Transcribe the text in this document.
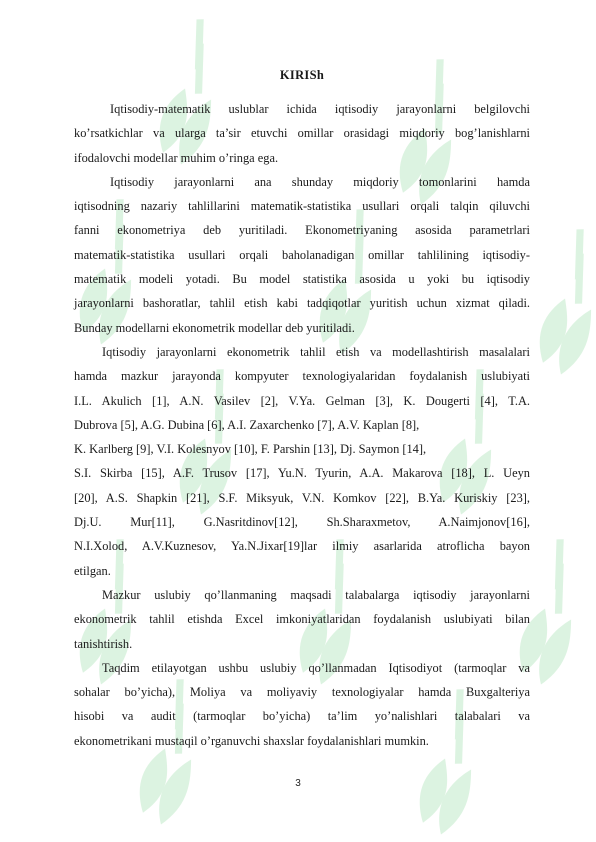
KIRISh
Iqtisodiy-matematik uslublar ichida iqtisodiy jarayonlarni belgilovchi
ko’rsatkichlar va ularga ta’sir etuvchi omillar orasidagi miqdoriy bog’lanishlarni
ifodalovchi modellar muhim o’ringa ega.
Iqtisodiy jarayonlarni ana shunday miqdoriy tomonlarini hamda
iqtisodning nazariy tahlillarini matematik-statistika usullari orqali talqin qiluvchi
fanni ekonometriya deb yuritiladi. Ekonometriyaning asosida parametrlari
matematik-statistika usullari orqali baholanadigan omillar tahlilining iqtisodiy-
matematik modeli yotadi. Bu model statistika asosida u yoki bu iqtisodiy
jarayonlarni bashoratlar, tahlil etish kabi tadqiqotlar yuritish uchun xizmat qiladi.
Bunday modellarni ekonometrik modellar deb yuritiladi.
Iqtisodiy jarayonlarni ekonometrik tahlil etish va modellashtirish masalalari
hamda mazkur jarayonda kompyuter texnologiyalaridan foydalanish uslubiyati
I.L. Akulich [1], A.N. Vasilev [2], V.Ya. Gelman [3], K. Dougerti [4], T.A.
Dubrova [5], A.G. Dubina [6], A.I. Zaxarchenko [7], A.V. Kaplan [8],
K. Karlberg [9], V.I. Kolesnyov [10], F. Parshin [13], Dj. Saymon [14],
S.I. Skirba [15], A.F. Trusov [17], Yu.N. Tyurin, A.A. Makarova [18], L. Ueyn
[20], A.S. Shapkin [21], S.F. Miksyuk, V.N. Komkov [22], B.Ya. Kuriskiy [23],
Dj.U. Mur[11], G.Nasritdinov[12], Sh.Sharaxmetov, A.Naimjonov[16],
N.I.Xolod, A.V.Kuznesov, Ya.N.Jixar[19]lar ilmiy asarlarida atroflicha bayon
etilgan.
Mazkur uslubiy qo’llanmaning maqsadi talabalarga iqtisodiy jarayonlarni
ekonometrik tahlil etishda Excel imkoniyatlaridan foydalanish uslubiyati bilan
tanishtirish.
Taqdim etilayotgan ushbu uslubiy qo’llanmadan Iqtisodiyot (tarmoqlar va
sohalar bo’yicha), Moliya va moliyaviy texnologiyalar hamda Buxgalteriya
hisobi va audit (tarmoqlar bo’yicha) ta’lim yo’nalishlari talabalari va
ekonometrikani mustaqil o’rganuvchi shaxslar foydalanishlari mumkin.
3
